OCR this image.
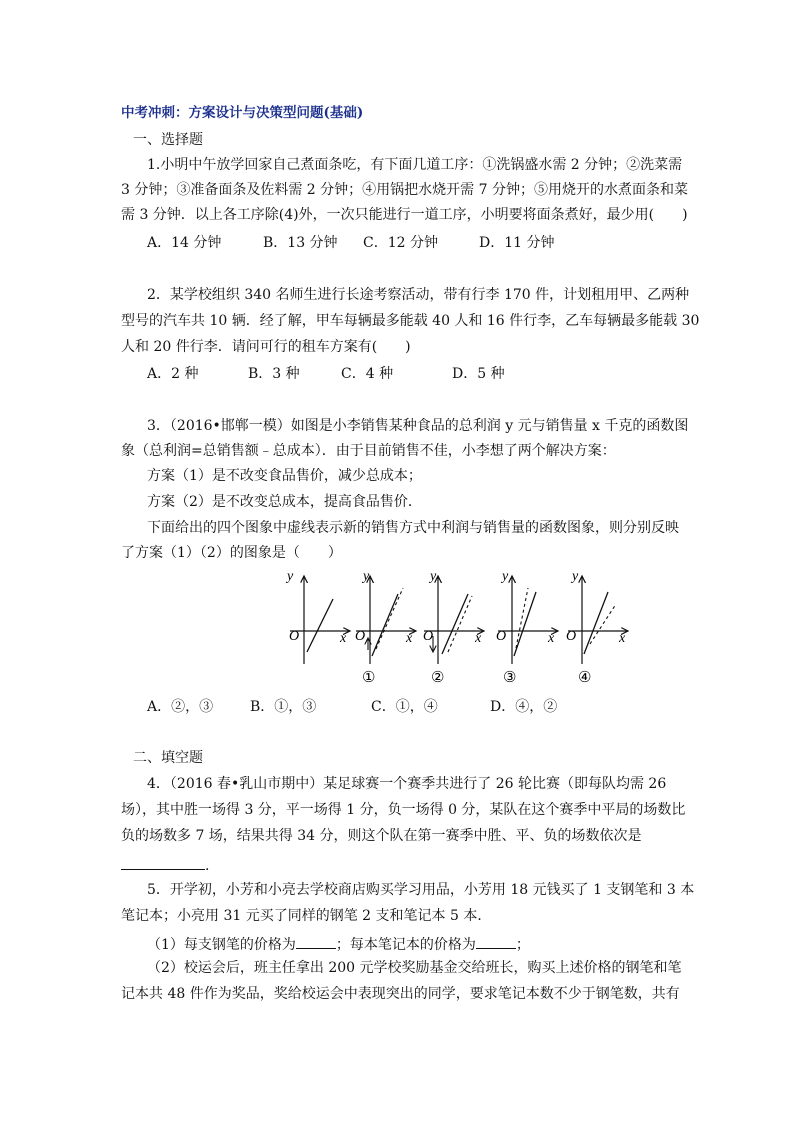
中考冲刺：方案设计与决策型问题(基础)
一、选择题
1.小明中午放学回家自己煮面条吃，有下面几道工序：①洗锅盛水需 2 分钟；②洗菜需
3 分钟；③准备面条及佐料需 2 分钟；④用锅把水烧开需 7 分钟；⑤用烧开的水煮面条和菜
需 3 分钟．以上各工序除(4)外，一次只能进行一道工序，小明要将面条煮好，最少用(　　)
A．14 分钟	B．13 分钟 C．12 分钟	D．11 分钟
2．某学校组织 340 名师生进行长途考察活动，带有行李 170 件，计划租用甲、乙两种
型号的汽车共 10 辆．经了解，甲车每辆最多能载 40 人和 16 件行李，乙车每辆最多能载 30
人和 20 件行李．请问可行的租车方案有(　　)
A．2 种	B．3 种	C．4 种	D．5 种
3．（2016•邯郸一模）如图是小李销售某种食品的总利润 y 元与销售量 x 千克的函数图
象（总利润=总销售额﹣总成本）．由于目前销售不佳，小李想了两个解决方案：
方案（1）是不改变食品售价，减少总成本；
方案（2）是不改变总成本，提高食品售价．
下面给出的四个图象中虚线表示新的销售方式中利润与销售量的函数图象，则分别反映
了方案（1）（2）的图象是（　　）
y
O	x
y
O	x
①
y
O	x
②
y
O	x
③
y
O	x
④
A．②，③	B．①，③	C．①，④	D．④，②
二、填空题
4．（2016 春•乳山市期中）某足球赛一个赛季共进行了 26 轮比赛（即每队均需 26
场），其中胜一场得 3 分，平一场得 1 分，负一场得 0 分，某队在这个赛季中平局的场数比
负的场数多 7 场，结果共得 34 分，则这个队在第一赛季中胜、平、负的场数依次是
.
5．开学初，小芳和小亮去学校商店购买学习用品，小芳用 18 元钱买了 1 支钢笔和 3 本
笔记本；小亮用 31 元买了同样的钢笔 2 支和笔记本 5 本．
（1）每支钢笔的价格为	；每本笔记本的价格为	；
（2）校运会后，班主任拿出 200 元学校奖励基金交给班长，购买上述价格的钢笔和笔
记本共 48 件作为奖品，奖给校运会中表现突出的同学，要求笔记本数不少于钢笔数，共有
